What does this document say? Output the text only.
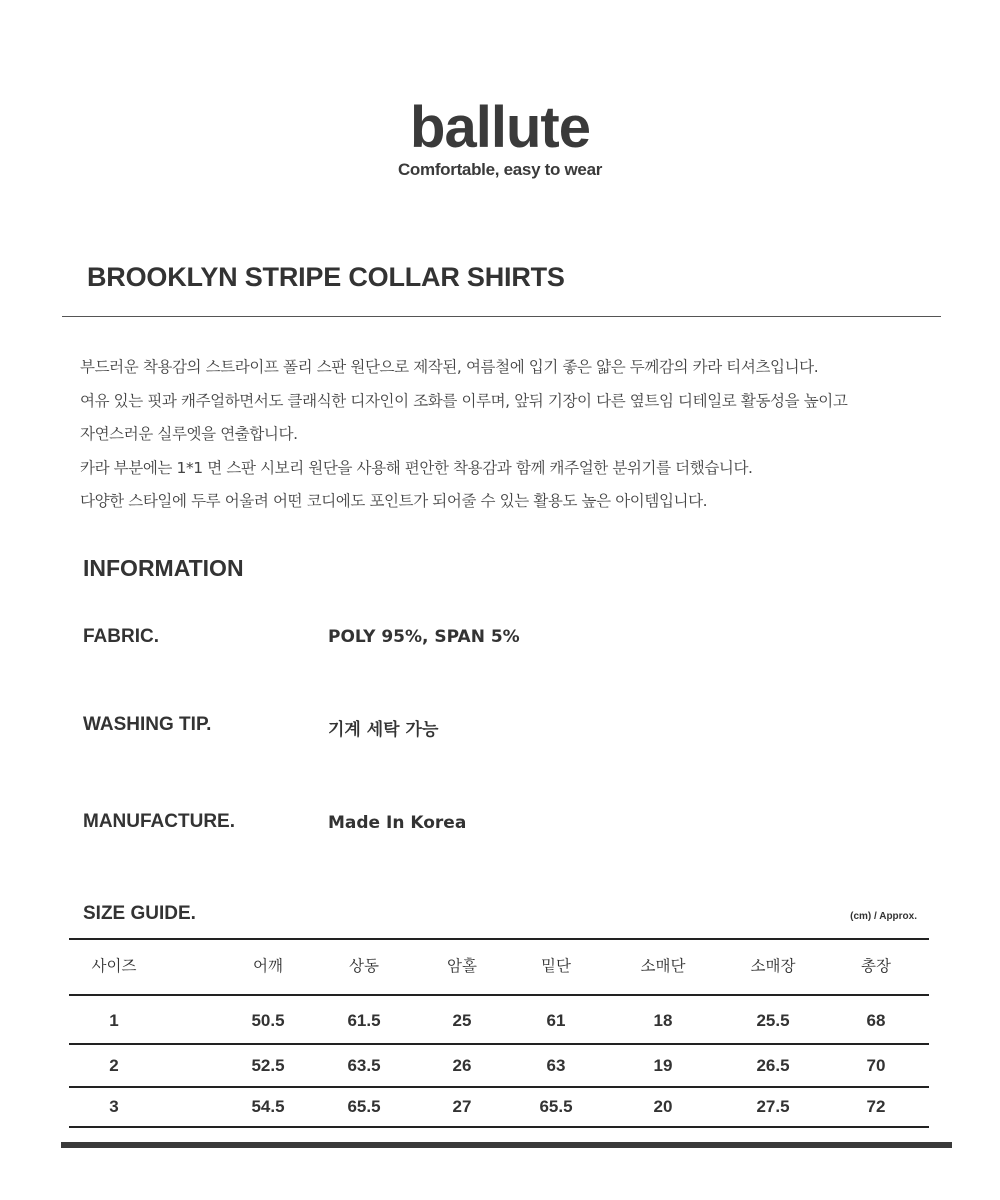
ballute
Comfortable, easy to wear
BROOKLYN STRIPE COLLAR SHIRTS
부드러운 착용감의 스트라이프 폴리 스판 원단으로 제작된, 여름철에 입기 좋은 얇은 두께감의 카라 티셔츠입니다.
여유 있는 핏과 캐주얼하면서도 클래식한 디자인이 조화를 이루며, 앞뒤 기장이 다른 옆트임 디테일로 활동성을 높이고
자연스러운 실루엣을 연출합니다.
카라 부분에는 1*1 면 스판 시보리 원단을 사용해 편안한 착용감과 함께 캐주얼한 분위기를 더했습니다.
다양한 스타일에 두루 어울려 어떤 코디에도 포인트가 되어줄 수 있는 활용도 높은 아이템입니다.
INFORMATION
FABRIC.	POLY 95%, SPAN 5%
WASHING TIP.	기계 세탁 가능
MANUFACTURE.	Made In Korea
SIZE GUIDE.	(cm) / Approx.
사이즈	어깨	상동	암홀	밑단	소매단	소매장	총장
1	50.5	61.5	25	61	18	25.5	68
2	52.5	63.5	26	63	19	26.5	70
3	54.5	65.5	27	65.5	20	27.5	72
